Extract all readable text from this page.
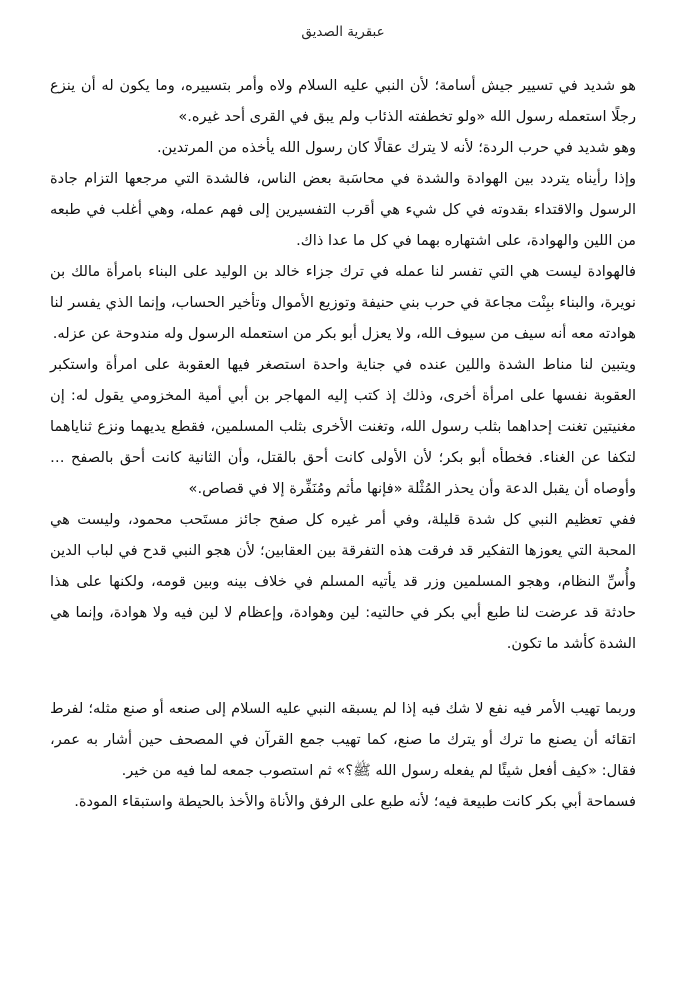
عبقرية الصديق

هو شديد في تسيير جيش أسامة؛ لأن النبي عليه السلام ولاه وأمر بتسييره، وما يكون له أن ينزع رجلًا استعمله رسول الله «ولو تخطفته الذئاب ولم يبق في القرى أحد غيره.»

وهو شديد في حرب الردة؛ لأنه لا يترك عقالًا كان رسول الله يأخذه من المرتدين.

وإذا رأيناه يتردد بين الهوادة والشدة في محاسَبة بعض الناس، فالشدة التي مرجعها التزام جادة الرسول والاقتداء بقدوته في كل شيء هي أقرب التفسيرين إلى فهم عمله، وهي أغلب في طبعه من اللين والهوادة، على اشتهاره بهما في كل ما عدا ذاك.

فالهوادة ليست هي التي تفسر لنا عمله في ترك جزاء خالد بن الوليد على البناء بامرأة مالك بن نويرة، والبناء ببِنْت مجاعة في حرب بني حنيفة وتوزيع الأموال وتأخير الحساب، وإنما الذي يفسر لنا هوادته معه أنه سيف من سيوف الله، ولا يعزل أبو بكر من استعمله الرسول وله مندوحة عن عزله.

ويتبين لنا مناط الشدة واللين عنده في جناية واحدة استصغر فيها العقوبة على امرأة واستكبر العقوبة نفسها على امرأة أخرى، وذلك إذ كتب إليه المهاجر بن أبي أمية المخزومي يقول له: إن مغنيتين تغنت إحداهما بثلب رسول الله، وتغنت الأخرى بثلب المسلمين، فقطع يديهما ونزع ثناياهما لتكفا عن الغناء. فخطأه أبو بكر؛ لأن الأولى كانت أحق بالقتل، وأن الثانية كانت أحق بالصفح … وأوصاه أن يقبل الدعة وأن يحذر المُثْلة «فإنها مأثم ومُنَفِّرة إلا في قصاص.»

ففي تعظيم النبي كل شدة قليلة، وفي أمر غيره كل صفح جائز مستَحب محمود، وليست هي المحبة التي يعوزها التفكير قد فرقت هذه التفرقة بين العقابين؛ لأن هجو النبي قدح في لباب الدين وأُسِّ النظام، وهجو المسلمين وزر قد يأتيه المسلم في خلاف بينه وبين قومه، ولكنها على هذا حادثة قد عرضت لنا طبع أبي بكر في حالتيه: لين وهوادة، وإعظام لا لين فيه ولا هوادة، وإنما هي الشدة كأشد ما تكون.

وربما تهيب الأمر فيه نفع لا شك فيه إذا لم يسبقه النبي عليه السلام إلى صنعه أو صنع مثله؛ لفرط اتقائه أن يصنع ما ترك أو يترك ما صنع، كما تهيب جمع القرآن في المصحف حين أشار به عمر، فقال: «كيف أفعل شيئًا لم يفعله رسول الله ﷺ؟» ثم استصوب جمعه لما فيه من خير.

فسماحة أبي بكر كانت طبيعة فيه؛ لأنه طبع على الرفق والأناة والأخذ بالحيطة واستبقاء المودة.
